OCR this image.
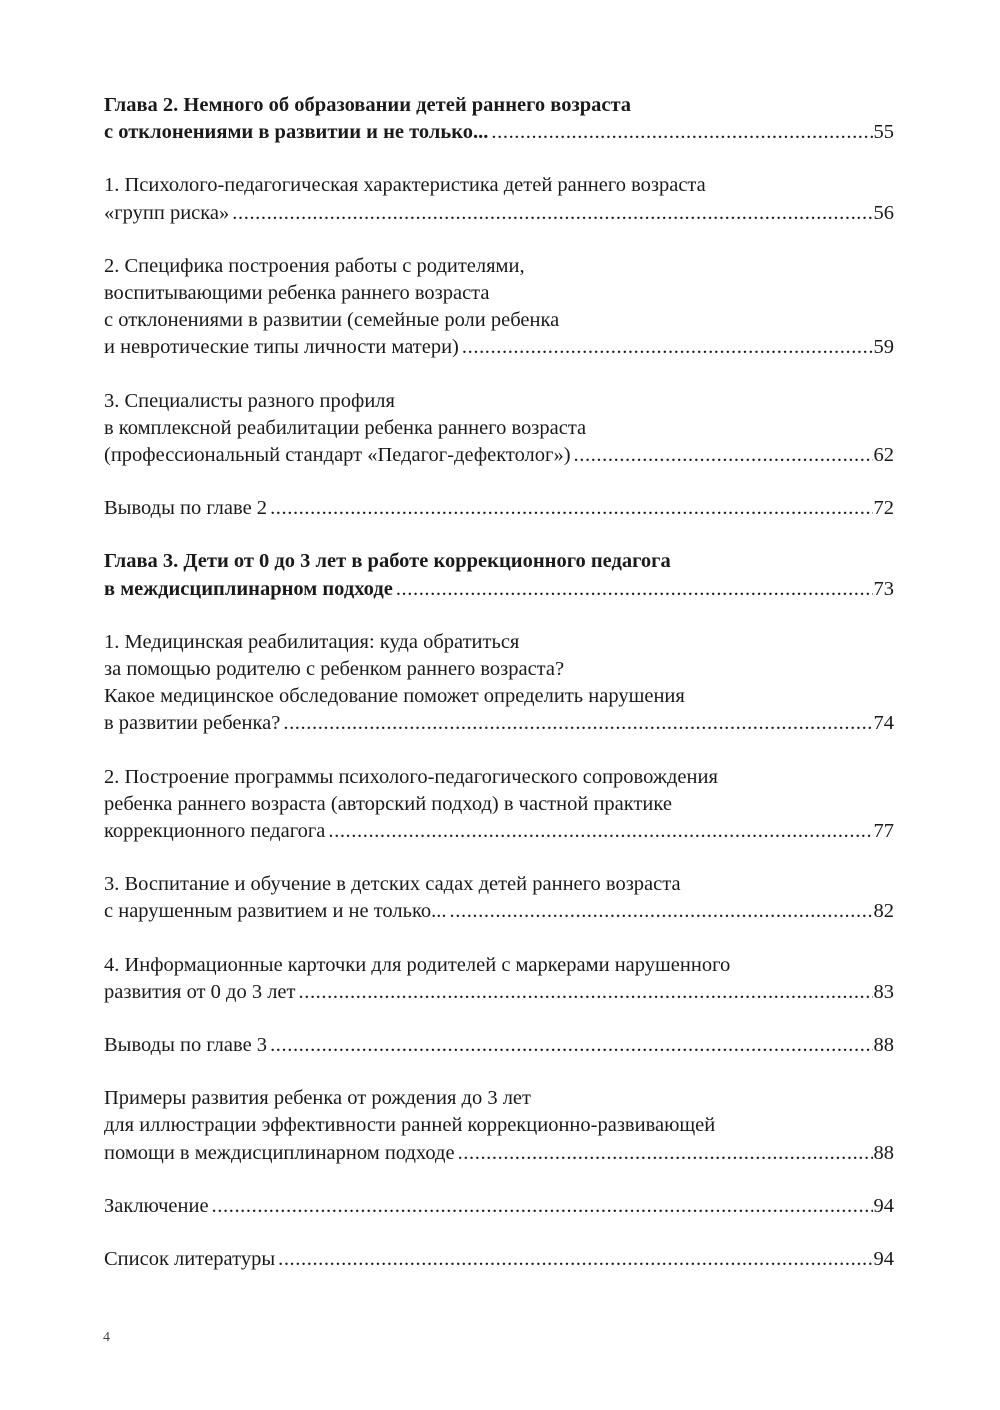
Глава 2. Немного об образовании детей раннего возраста
с отклонениями в развитии и не только... .....	55
1. Психолого-педагогическая характеристика детей раннего возраста
«групп риска» .....	56
2. Специфика построения работы с родителями,
воспитывающими ребенка раннего возраста
с отклонениями в развитии (семейные роли ребенка
и невротические типы личности матери) .....	59
3. Специалисты разного профиля
в комплексной реабилитации ребенка раннего возраста
(профессиональный стандарт «Педагог-дефектолог») .....	62
Выводы по главе 2 .....	72
Глава 3. Дети от 0 до 3 лет в работе коррекционного педагога
в междисциплинарном подходе .....	73
1. Медицинская реабилитация: куда обратиться
за помощью родителю с ребенком раннего возраста?
Какое медицинское обследование поможет определить нарушения
в развитии ребенка? .....	74
2. Построение программы психолого-педагогического сопровождения
ребенка раннего возраста (авторский подход) в частной практике
коррекционного педагога .....	77
3. Воспитание и обучение в детских садах детей раннего возраста
с нарушенным развитием и не только... .....	82
4. Информационные карточки для родителей с маркерами нарушенного
развития от 0 до 3 лет .....	83
Выводы по главе 3 .....	88
Примеры развития ребенка от рождения до 3 лет
для иллюстрации эффективности ранней коррекционно-развивающей
помощи в междисциплинарном подходе .....	88
Заключение .....	94
Список литературы .....	94
4
